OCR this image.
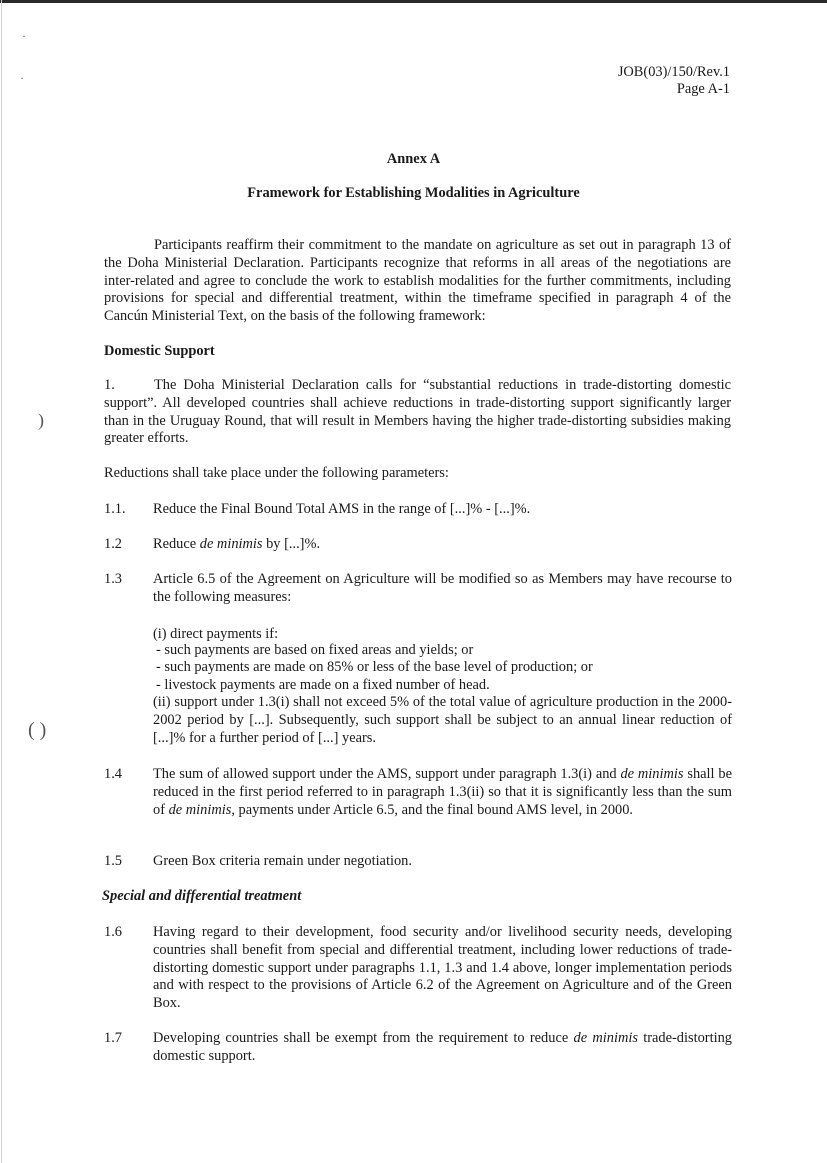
·
·
)
( )
JOB(03)/150/Rev.1
Page A-1
Annex A
Framework for Establishing Modalities in Agriculture
Participants reaffirm their commitment to the mandate on agriculture as set out in paragraph 13 of the Doha Ministerial Declaration. Participants recognize that reforms in all areas of the negotiations are inter-related and agree to conclude the work to establish modalities for the further commitments, including provisions for special and differential treatment, within the timeframe specified in paragraph 4 of the Cancún Ministerial Text, on the basis of the following framework:
Domestic Support
1.	The Doha Ministerial Declaration calls for “substantial reductions in trade-distorting domestic support”. All developed countries shall achieve reductions in trade-distorting support significantly larger than in the Uruguay Round, that will result in Members having the higher trade-distorting subsidies making greater efforts.
Reductions shall take place under the following parameters:
1.1. Reduce the Final Bound Total AMS in the range of [...]% - [...]%.
1.2 Reduce de minimis by [...]%.
1.3 Article 6.5 of the Agreement on Agriculture will be modified so as Members may have recourse to the following measures:
(i) direct payments if:
- such payments are based on fixed areas and yields; or
- such payments are made on 85% or less of the base level of production; or
- livestock payments are made on a fixed number of head.
(ii) support under 1.3(i) shall not exceed 5% of the total value of agriculture production in the 2000-2002 period by [...]. Subsequently, such support shall be subject to an annual linear reduction of [...]% for a further period of [...] years.
1.4 The sum of allowed support under the AMS, support under paragraph 1.3(i) and de minimis shall be reduced in the first period referred to in paragraph 1.3(ii) so that it is significantly less than the sum of de minimis, payments under Article 6.5, and the final bound AMS level, in 2000.
1.5 Green Box criteria remain under negotiation.
Special and differential treatment
1.6 Having regard to their development, food security and/or livelihood security needs, developing countries shall benefit from special and differential treatment, including lower reductions of trade-distorting domestic support under paragraphs 1.1, 1.3 and 1.4 above, longer implementation periods and with respect to the provisions of Article 6.2 of the Agreement on Agriculture and of the Green Box.
1.7 Developing countries shall be exempt from the requirement to reduce de minimis trade-distorting domestic support.
